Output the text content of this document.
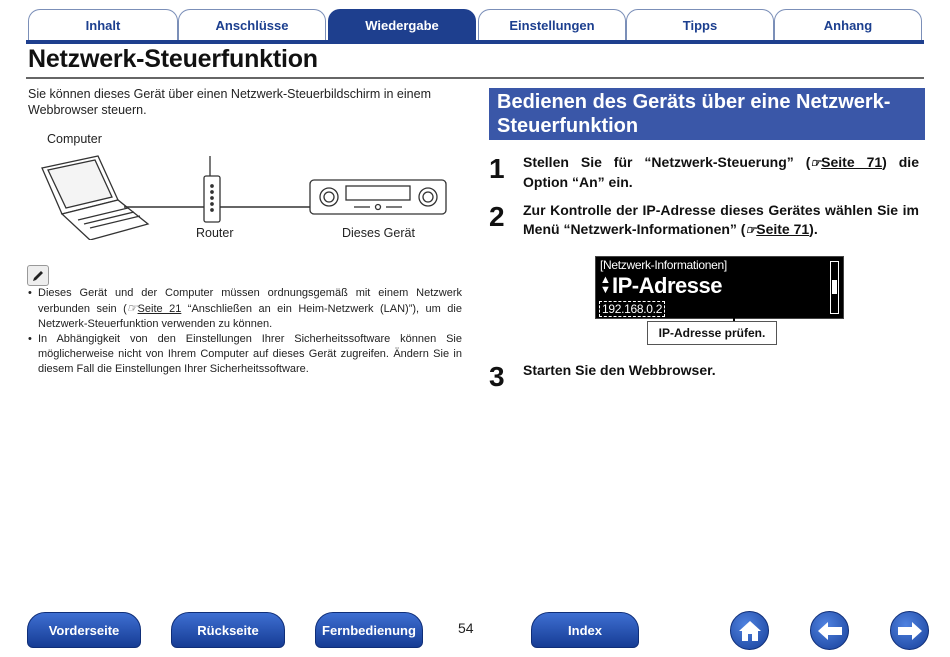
Inhalt	Anschlüsse	Wiedergabe	Einstellungen	Tipps	Anhang
Netzwerk-Steuerfunktion
Sie können dieses Gerät über einen Netzwerk-Steuerbildschirm in einem Webbrowser steuern.
Computer
Router	Dieses Gerät
• Dieses Gerät und der Computer müssen ordnungsgemäß mit einem Netzwerk verbunden sein (☞Seite 21 “Anschließen an ein Heim-Netzwerk (LAN)”), um die Netzwerk-Steuerfunktion verwenden zu können.
• In Abhängigkeit von den Einstellungen Ihrer Sicherheitssoftware können Sie möglicherweise nicht von Ihrem Computer auf dieses Gerät zugreifen. Ändern Sie in diesem Fall die Einstellungen Ihrer Sicherheitssoftware.
Bedienen des Geräts über eine Netzwerk-Steuerfunktion
1 Stellen Sie für “Netzwerk-Steuerung” (☞Seite 71) die Option “An” ein.
2 Zur Kontrolle der IP-Adresse dieses Gerätes wählen Sie im Menü “Netzwerk-Informationen” (☞Seite 71).
[Netzwerk-Informationen]
▲
▼ IP-Adresse
192.168.0.2
IP-Adresse prüfen.
3 Starten Sie den Webbrowser.
Vorderseite	Rückseite	Fernbedienung	54	Index
